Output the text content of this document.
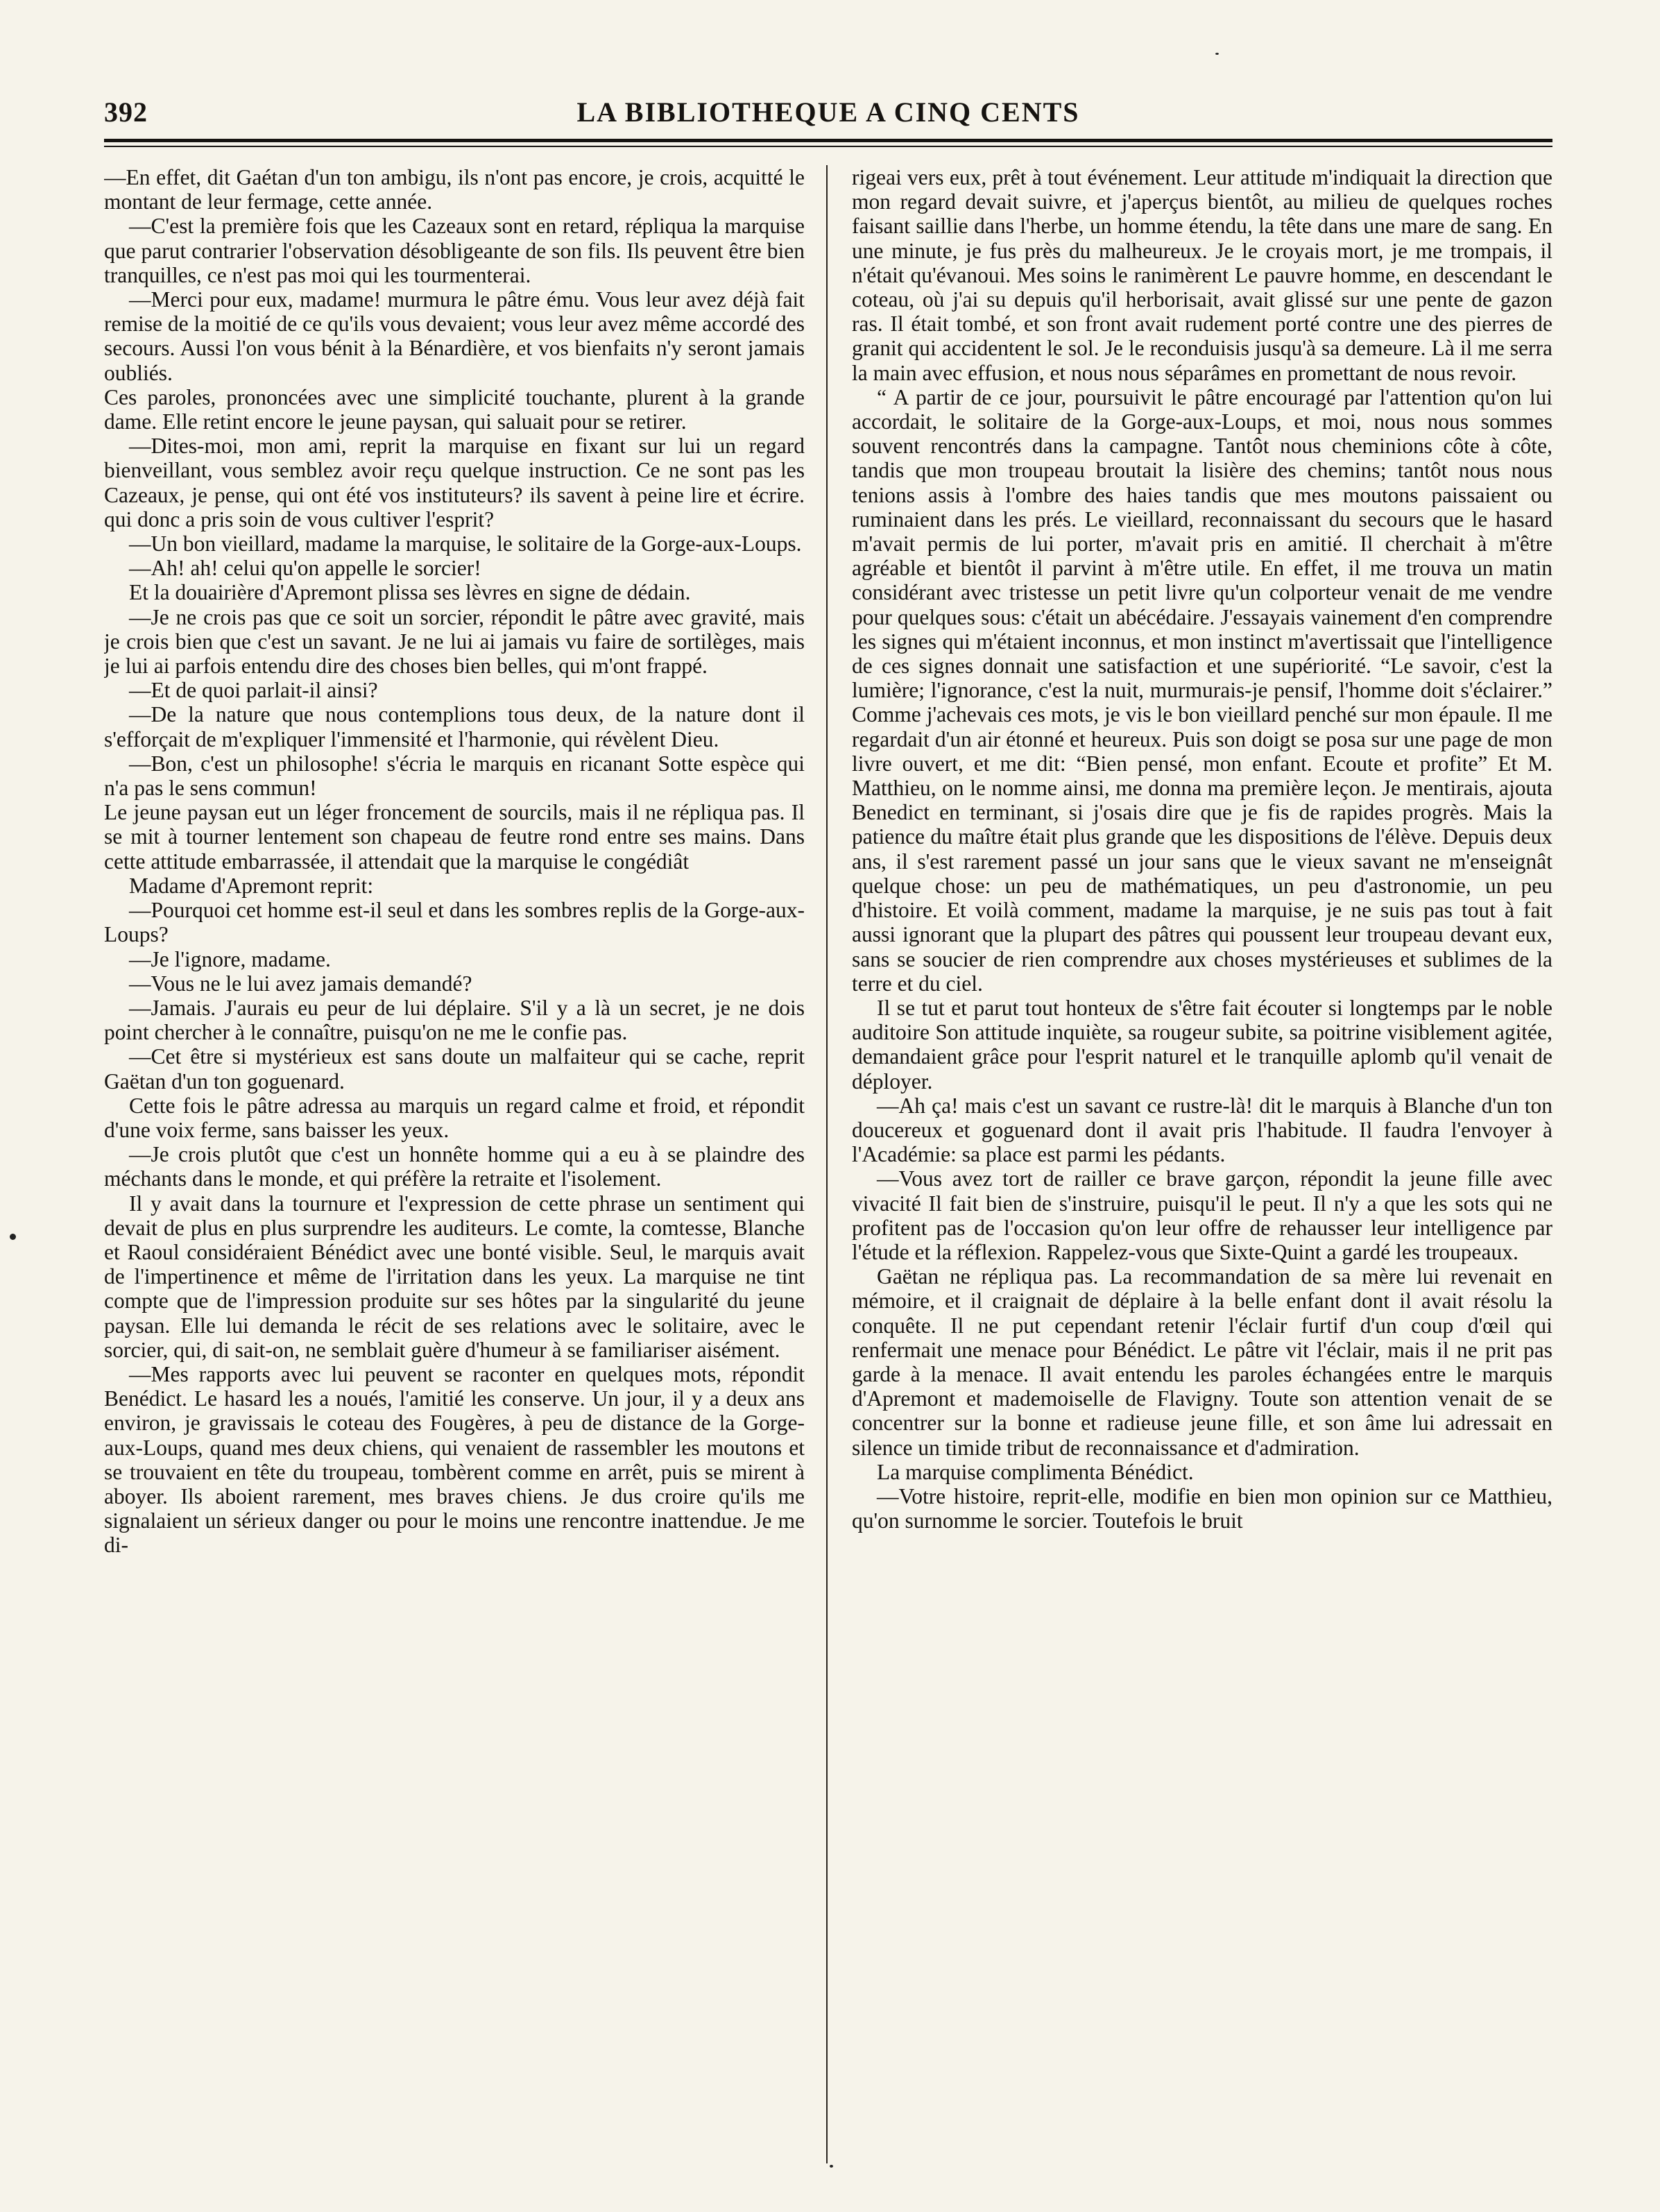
392	LA BIBLIOTHEQUE A CINQ CENTS

—En effet, dit Gaétan d'un ton ambigu, ils n'ont pas encore, je crois, acquitté le montant de leur fermage, cette année.

—C'est la première fois que les Cazeaux sont en retard, répliqua la marquise que parut contrarier l'observation désobligeante de son fils. Ils peuvent être bien tranquilles, ce n'est pas moi qui les tourmenterai.

—Merci pour eux, madame! murmura le pâtre ému. Vous leur avez déjà fait remise de la moitié de ce qu'ils vous devaient; vous leur avez même accordé des secours. Aussi l'on vous bénit à la Bénardière, et vos bienfaits n'y seront jamais oubliés.

Ces paroles, prononcées avec une simplicité touchante, plurent à la grande dame. Elle retint encore le jeune paysan, qui saluait pour se retirer.

—Dites-moi, mon ami, reprit la marquise en fixant sur lui un regard bienveillant, vous semblez avoir reçu quelque instruction. Ce ne sont pas les Cazeaux, je pense, qui ont été vos instituteurs? ils savent à peine lire et écrire. qui donc a pris soin de vous cultiver l'esprit?

—Un bon vieillard, madame la marquise, le solitaire de la Gorge-aux-Loups.

—Ah! ah! celui qu'on appelle le sorcier!

Et la douairière d'Apremont plissa ses lèvres en signe de dédain.

—Je ne crois pas que ce soit un sorcier, répondit le pâtre avec gravité, mais je crois bien que c'est un savant. Je ne lui ai jamais vu faire de sortilèges, mais je lui ai parfois entendu dire des choses bien belles, qui m'ont frappé.

—Et de quoi parlait-il ainsi?

—De la nature que nous contemplions tous deux, de la nature dont il s'efforçait de m'expliquer l'immensité et l'harmonie, qui révèlent Dieu.

—Bon, c'est un philosophe! s'écria le marquis en ricanant Sotte espèce qui n'a pas le sens commun!

Le jeune paysan eut un léger froncement de sourcils, mais il ne répliqua pas. Il se mit à tourner lentement son chapeau de feutre rond entre ses mains. Dans cette attitude embarrassée, il attendait que la marquise le congédiât

Madame d'Apremont reprit:

—Pourquoi cet homme est-il seul et dans les sombres replis de la Gorge-aux-Loups?

—Je l'ignore, madame.

—Vous ne le lui avez jamais demandé?

—Jamais. J'aurais eu peur de lui déplaire. S'il y a là un secret, je ne dois point chercher à le connaître, puisqu'on ne me le confie pas.

—Cet être si mystérieux est sans doute un malfaiteur qui se cache, reprit Gaëtan d'un ton goguenard.

Cette fois le pâtre adressa au marquis un regard calme et froid, et répondit d'une voix ferme, sans baisser les yeux.

—Je crois plutôt que c'est un honnête homme qui a eu à se plaindre des méchants dans le monde, et qui préfère la retraite et l'isolement.

Il y avait dans la tournure et l'expression de cette phrase un sentiment qui devait de plus en plus surprendre les auditeurs. Le comte, la comtesse, Blanche et Raoul considéraient Bénédict avec une bonté visible. Seul, le marquis avait de l'impertinence et même de l'irritation dans les yeux. La marquise ne tint compte que de l'impression produite sur ses hôtes par la singularité du jeune paysan. Elle lui demanda le récit de ses relations avec le solitaire, avec le sorcier, qui, di sait-on, ne semblait guère d'humeur à se familiariser aisément.

—Mes rapports avec lui peuvent se raconter en quelques mots, répondit Benédict. Le hasard les a noués, l'amitié les conserve. Un jour, il y a deux ans environ, je gravissais le coteau des Fougères, à peu de distance de la Gorge-aux-Loups, quand mes deux chiens, qui venaient de rassembler les moutons et se trouvaient en tête du troupeau, tombèrent comme en arrêt, puis se mirent à aboyer. Ils aboient rarement, mes braves chiens. Je dus croire qu'ils me signalaient un sérieux danger ou pour le moins une rencontre inattendue. Je me di-

rigeai vers eux, prêt à tout événement. Leur attitude m'indiquait la direction que mon regard devait suivre, et j'aperçus bientôt, au milieu de quelques roches faisant saillie dans l'herbe, un homme étendu, la tête dans une mare de sang. En une minute, je fus près du malheureux. Je le croyais mort, je me trompais, il n'était qu'évanoui. Mes soins le ranimèrent Le pauvre homme, en descendant le coteau, où j'ai su depuis qu'il herborisait, avait glissé sur une pente de gazon ras. Il était tombé, et son front avait rudement porté contre une des pierres de granit qui accidentent le sol. Je le reconduisis jusqu'à sa demeure. Là il me serra la main avec effusion, et nous nous séparâmes en promettant de nous revoir.

“ A partir de ce jour, poursuivit le pâtre encouragé par l'attention qu'on lui accordait, le solitaire de la Gorge-aux-Loups, et moi, nous nous sommes souvent rencontrés dans la campagne. Tantôt nous cheminions côte à côte, tandis que mon troupeau broutait la lisière des chemins; tantôt nous nous tenions assis à l'ombre des haies tandis que mes moutons paissaient ou ruminaient dans les prés. Le vieillard, reconnaissant du secours que le hasard m'avait permis de lui porter, m'avait pris en amitié. Il cherchait à m'être agréable et bientôt il parvint à m'être utile. En effet, il me trouva un matin considérant avec tristesse un petit livre qu'un colporteur venait de me vendre pour quelques sous: c'était un abécédaire. J'essayais vainement d'en comprendre les signes qui m'étaient inconnus, et mon instinct m'avertissait que l'intelligence de ces signes donnait une satisfaction et une supériorité. “Le savoir, c'est la lumière; l'ignorance, c'est la nuit, murmurais-je pensif, l'homme doit s'éclairer.” Comme j'achevais ces mots, je vis le bon vieillard penché sur mon épaule. Il me regardait d'un air étonné et heureux. Puis son doigt se posa sur une page de mon livre ouvert, et me dit: “Bien pensé, mon enfant. Ecoute et profite” Et M. Matthieu, on le nomme ainsi, me donna ma première leçon. Je mentirais, ajouta Benedict en terminant, si j'osais dire que je fis de rapides progrès. Mais la patience du maître était plus grande que les dispositions de l'élève. Depuis deux ans, il s'est rarement passé un jour sans que le vieux savant ne m'enseignât quelque chose: un peu de mathématiques, un peu d'astronomie, un peu d'histoire. Et voilà comment, madame la marquise, je ne suis pas tout à fait aussi ignorant que la plupart des pâtres qui poussent leur troupeau devant eux, sans se soucier de rien comprendre aux choses mystérieuses et sublimes de la terre et du ciel.

Il se tut et parut tout honteux de s'être fait écouter si longtemps par le noble auditoire Son attitude inquiète, sa rougeur subite, sa poitrine visiblement agitée, demandaient grâce pour l'esprit naturel et le tranquille aplomb qu'il venait de déployer.

—Ah ça! mais c'est un savant ce rustre-là! dit le marquis à Blanche d'un ton doucereux et goguenard dont il avait pris l'habitude. Il faudra l'envoyer à l'Académie: sa place est parmi les pédants.

—Vous avez tort de railler ce brave garçon, répondit la jeune fille avec vivacité Il fait bien de s'instruire, puisqu'il le peut. Il n'y a que les sots qui ne profitent pas de l'occasion qu'on leur offre de rehausser leur intelligence par l'étude et la réflexion. Rappelez-vous que Sixte-Quint a gardé les troupeaux.

Gaëtan ne répliqua pas. La recommandation de sa mère lui revenait en mémoire, et il craignait de déplaire à la belle enfant dont il avait résolu la conquête. Il ne put cependant retenir l'éclair furtif d'un coup d'œil qui renfermait une menace pour Bénédict. Le pâtre vit l'éclair, mais il ne prit pas garde à la menace. Il avait entendu les paroles échangées entre le marquis d'Apremont et mademoiselle de Flavigny. Toute son attention venait de se concentrer sur la bonne et radieuse jeune fille, et son âme lui adressait en silence un timide tribut de reconnaissance et d'admiration.

La marquise complimenta Bénédict.

—Votre histoire, reprit-elle, modifie en bien mon opinion sur ce Matthieu, qu'on surnomme le sorcier. Toutefois le bruit
